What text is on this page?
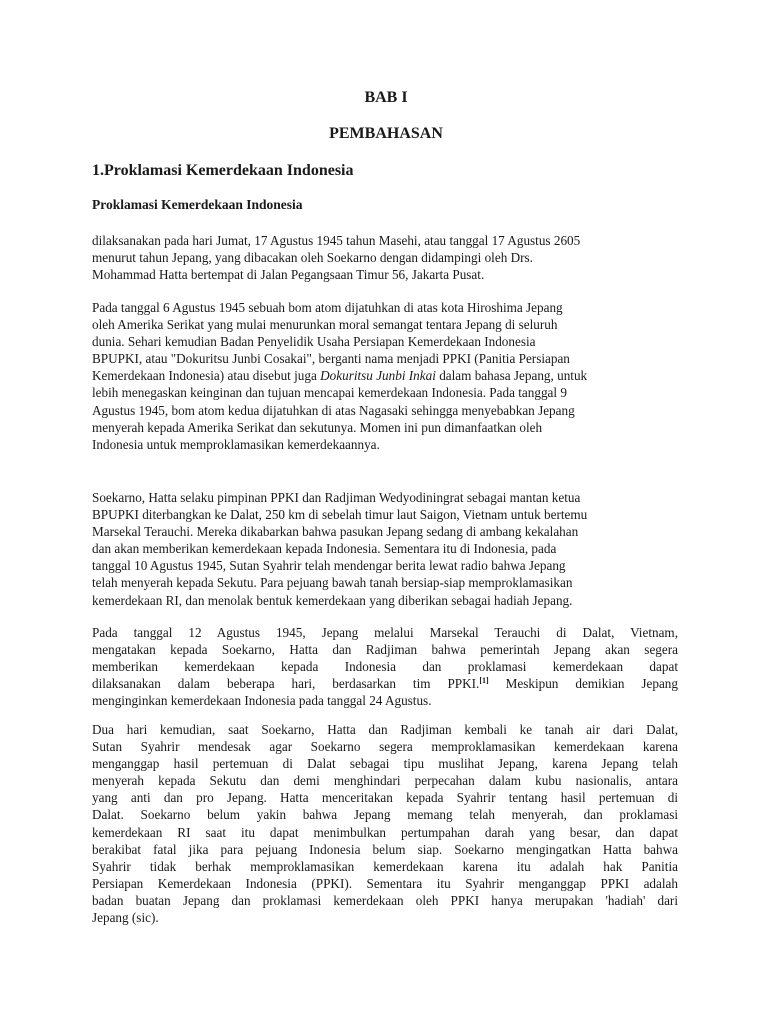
BAB I
PEMBAHASAN
1.Proklamasi Kemerdekaan Indonesia
Proklamasi Kemerdekaan Indonesia

dilaksanakan pada hari Jumat, 17 Agustus 1945 tahun Masehi, atau tanggal 17 Agustus 2605
menurut tahun Jepang, yang dibacakan oleh Soekarno dengan didampingi oleh Drs.
Mohammad Hatta bertempat di Jalan Pegangsaan Timur 56, Jakarta Pusat.

Pada tanggal 6 Agustus 1945 sebuah bom atom dijatuhkan di atas kota Hiroshima Jepang
oleh Amerika Serikat yang mulai menurunkan moral semangat tentara Jepang di seluruh
dunia. Sehari kemudian Badan Penyelidik Usaha Persiapan Kemerdekaan Indonesia
BPUPKI, atau "Dokuritsu Junbi Cosakai", berganti nama menjadi PPKI (Panitia Persiapan
Kemerdekaan Indonesia) atau disebut juga Dokuritsu Junbi Inkai dalam bahasa Jepang, untuk
lebih menegaskan keinginan dan tujuan mencapai kemerdekaan Indonesia. Pada tanggal 9
Agustus 1945, bom atom kedua dijatuhkan di atas Nagasaki sehingga menyebabkan Jepang
menyerah kepada Amerika Serikat dan sekutunya. Momen ini pun dimanfaatkan oleh
Indonesia untuk memproklamasikan kemerdekaannya.

Soekarno, Hatta selaku pimpinan PPKI dan Radjiman Wedyodiningrat sebagai mantan ketua
BPUPKI diterbangkan ke Dalat, 250 km di sebelah timur laut Saigon, Vietnam untuk bertemu
Marsekal Terauchi. Mereka dikabarkan bahwa pasukan Jepang sedang di ambang kekalahan
dan akan memberikan kemerdekaan kepada Indonesia. Sementara itu di Indonesia, pada
tanggal 10 Agustus 1945, Sutan Syahrir telah mendengar berita lewat radio bahwa Jepang
telah menyerah kepada Sekutu. Para pejuang bawah tanah bersiap-siap memproklamasikan
kemerdekaan RI, dan menolak bentuk kemerdekaan yang diberikan sebagai hadiah Jepang.

Pada tanggal 12 Agustus 1945, Jepang melalui Marsekal Terauchi di Dalat, Vietnam,
mengatakan kepada Soekarno, Hatta dan Radjiman bahwa pemerintah Jepang akan segera
memberikan kemerdekaan kepada Indonesia dan proklamasi kemerdekaan dapat
dilaksanakan dalam beberapa hari, berdasarkan tim PPKI.[1] Meskipun demikian Jepang
menginginkan kemerdekaan Indonesia pada tanggal 24 Agustus.

Dua hari kemudian, saat Soekarno, Hatta dan Radjiman kembali ke tanah air dari Dalat,
Sutan Syahrir mendesak agar Soekarno segera memproklamasikan kemerdekaan karena
menganggap hasil pertemuan di Dalat sebagai tipu muslihat Jepang, karena Jepang telah
menyerah kepada Sekutu dan demi menghindari perpecahan dalam kubu nasionalis, antara
yang anti dan pro Jepang. Hatta menceritakan kepada Syahrir tentang hasil pertemuan di
Dalat. Soekarno belum yakin bahwa Jepang memang telah menyerah, dan proklamasi
kemerdekaan RI saat itu dapat menimbulkan pertumpahan darah yang besar, dan dapat
berakibat fatal jika para pejuang Indonesia belum siap. Soekarno mengingatkan Hatta bahwa
Syahrir tidak berhak memproklamasikan kemerdekaan karena itu adalah hak Panitia
Persiapan Kemerdekaan Indonesia (PPKI). Sementara itu Syahrir menganggap PPKI adalah
badan buatan Jepang dan proklamasi kemerdekaan oleh PPKI hanya merupakan 'hadiah' dari
Jepang (sic).
